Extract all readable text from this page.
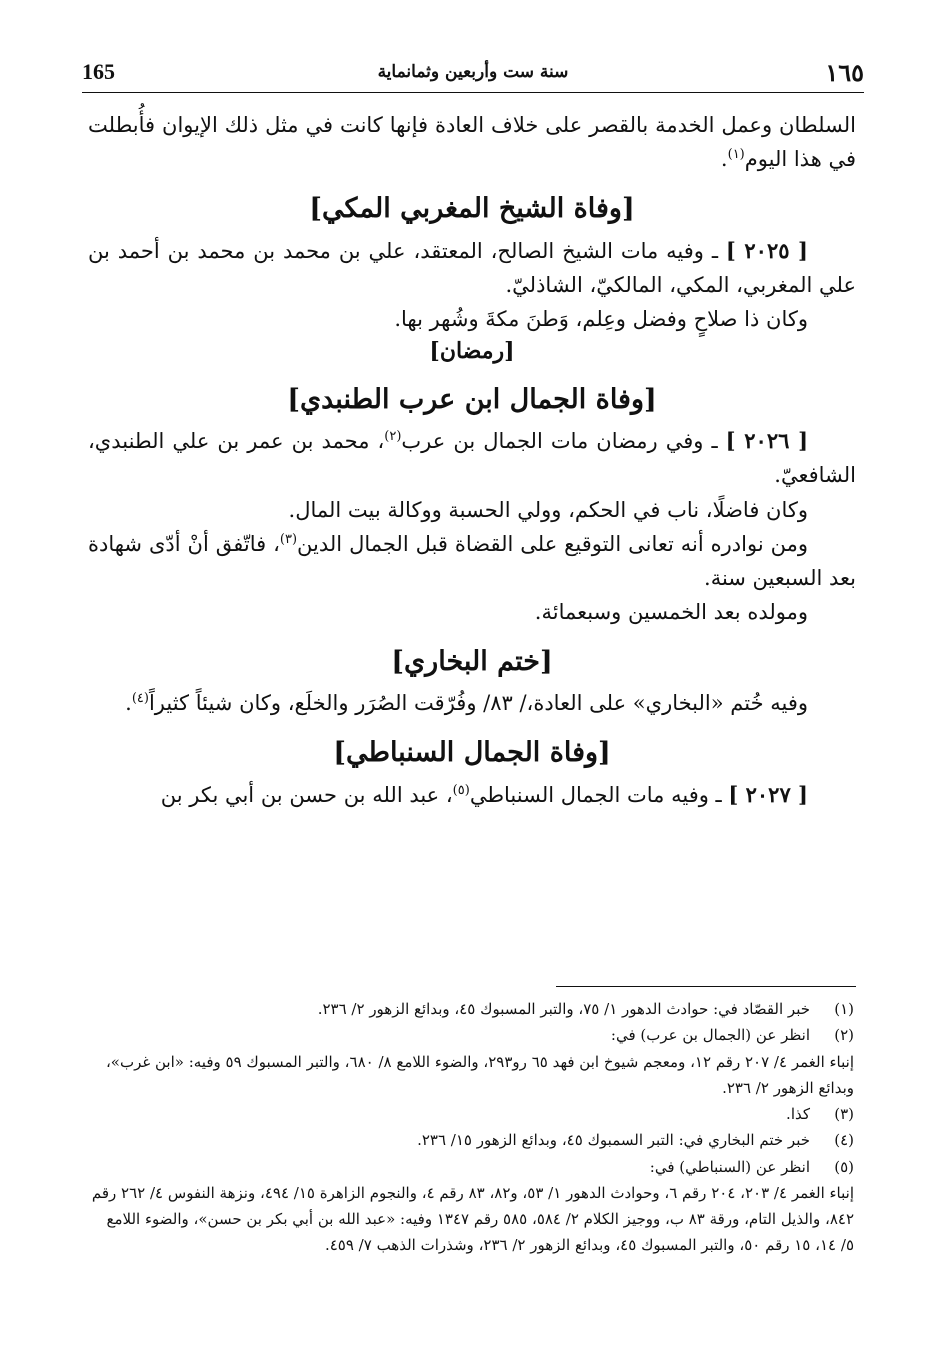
١٦٥
سنة ست وأربعين وثمانماية
165

السلطان وعمل الخدمة بالقصر على خلاف العادة فإنها كانت في مثل ذلك الإيوان فأُبطلت في هذا اليوم$^{(١)}$.

[وفاة الشيخ المغربي المكي]

[ ٢٠٢٥ ] ـ وفيه مات الشيخ الصالح، المعتقد، علي بن محمد بن محمد بن أحمد بن علي المغربي، المكي، المالكيّ، الشاذليّ.

وكان ذا صلاحٍ وفضل وعِلم، وَطنَ مكةَ وشُهر بها.

[رمضان]
[وفاة الجمال ابن عرب الطنبدي]

[ ٢٠٢٦ ] ـ وفي رمضان مات الجمال بن عرب$^{(٢)}$، محمد بن عمر بن علي الطنبدي، الشافعيّ.

وكان فاضلًا، ناب في الحكم، وولي الحسبة ووكالة بيت المال.

ومن نوادره أنه تعانى التوقيع على القضاة قبل الجمال الدين$^{(٣)}$، فاتّفق أنْ أدّى شهادة بعد السبعين سنة.

ومولده بعد الخمسين وسبعمائة.

[ختم البخاري]

وفيه خُتم «البخاري» على العادة،/ ٨٣/ وفُرّقت الصُرَر والخلَع، وكان شيئاً كثيراً$^{(٤)}$.

[وفاة الجمال السنباطي]

[ ٢٠٢٧ ] ـ وفيه مات الجمال السنباطي$^{(٥)}$، عبد الله بن حسن بن أبي بكر بن

(١)
خبر القصّاد في: حوادث الدهور ١/ ٧٥، والتبر المسبوك ٤٥، وبدائع الزهور ٢/ ٢٣٦.
(٢)
انظر عن (الجمال بن عرب) في:
إنباء الغمر ٤/ ٢٠٧ رقم ١٢، ومعجم شيوخ ابن فهد ٦٥ رو٢٩٣، والضوء اللامع ٨/ ٦٨٠، والتبر المسبوك ٥٩ وفيه: «ابن غرب»، وبدائع الزهور ٢/ ٢٣٦.
(٣)
كذا.
(٤)
خبر ختم البخاري في: التبر السمبوك ٤٥، وبدائع الزهور ١٥/ ٢٣٦.
(٥)
انظر عن (السنباطي) في:
إنباء الغمر ٤/ ٢٠٣، ٢٠٤ رقم ٦، وحوادث الدهور ١/ ٥٣، و٨٢، ٨٣ رقم ٤، والنجوم الزاهرة ١٥/ ٤٩٤، ونزهة النفوس ٤/ ٢٦٢ رقم ٨٤٢، والذيل التام، ورقة ٨٣ ب، ووجيز الكلام ٢/ ٥٨٤، ٥٨٥ رقم ١٣٤٧ وفيه: «عبد الله بن أبي بكر بن حسن»، والضوء اللامع ٥/ ١٤، ١٥ رقم ٥٠، والتبر المسبوك ٤٥، وبدائع الزهور ٢/ ٢٣٦، وشذرات الذهب ٧/ ٤٥٩.
